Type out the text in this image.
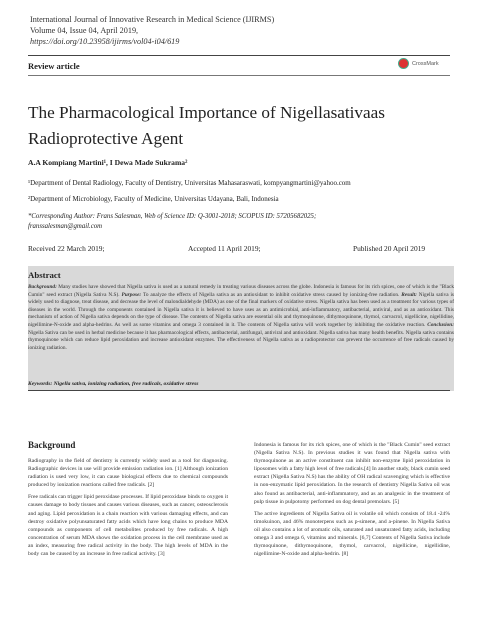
International Journal of Innovative Research in Medical Science (IJIRMS)
Volume 04, Issue 04, April 2019,
https://doi.org/10.23958/ijirms/vol04-i04/619
Review article	CrossMark
The Pharmacological Importance of Nigellasativaas Radioprotective Agent
A.A Kompiang Martini¹, I Dewa Made Sukrama²
¹Department of Dental Radiology, Faculty of Dentistry, Universitas Mahasaraswati, kompyangmartini@yahoo.com
²Department of Microbiology, Faculty of Medicine, Universitas Udayana, Bali, Indonesia
*Corresponding Author: Frans Salesman, Web of Science ID: Q-3001-2018; SCOPUS ID: 57205682025;
franssalesman@gmail.com
Received 22 March 2019;	Accepted 11 April 2019;	Published 20 April 2019
Abstract
Background: Many studies have showed that Nigella sativa is used as a natural remedy in treating various diseases across the globe. Indonesia is famous for its rich spices, one of which is the "Black Cumin" seed extract (Nigella Sativa N.S). Purpose: To analyze the effects of Nigella sativa as an antioxidant to inhibit oxidative stress caused by ionizing-free radiation. Result: Nigella sativa is widely used to diagnose, treat disease, and decrease the level of malondialdehyde (MDA) as one of the final markers of oxidative stress. Nigella sativa has been used as a treatment for various types of diseases in the world. Through the components contained in Nigella sativa it is believed to have uses as an antimicrobial, anti-inflammatory, antibacterial, antiviral, and as an antioxidant. This mechanism of action of Nigella sativa depends on the type of disease. The contents of Nigella sativa are essential oils and thymoquinone, dithymoquinone, thymol, carvacrol, nigellicine, nigellidine, nigellimine-N-oxide and alpha-hedrins. As well as some vitamins and omega 3 contained in it. The contents of Nigella sativa will work together by inhibiting the oxidative reaction. Conclusion: Nigella Sativa can be used in herbal medicine because it has pharmacological effects, antibacterial, antifungal, antiviral and antioxidant. Nigella sativa has many health benefits. Nigella sativa contains thymoquinone which can reduce lipid peroxidation and increase antioxidant enzymes. The effectiveness of Nigella sativa as a radioprotector can prevent the occurrence of free radicals caused by ionizing radiation.
Keywords: Nigella sativa, ionizing radiation, free radicals, oxidative stress
Background

Radiography in the field of dentistry is currently widely used as a tool for diagnosing. Radiographic devices in use will provide emission radiation ion. [1] Although ionization radiation is used very low, it can cause biological effects due to chemical compounds produced by ionization reactions called free radicals. [2]

Free radicals can trigger lipid peroxidase processes. If lipid peroxidase binds to oxygen it causes damage to body tissues and causes various diseases, such as cancer, osteosclerosis and aging. Lipid peroxidation is a chain reaction with various damaging effects, and can destroy oxidative polyunsaturated fatty acids which have long chains to produce MDA compounds as components of cell metabolites produced by free radicals. A high concentration of serum MDA shows the oxidation process in the cell membrane used as an index, measuring free radical activity in the body. The high levels of MDA in the body can be caused by an increase in free radical activity. [3]

Indonesia is famous for its rich spices, one of which is the "Black Cumin" seed extract (Nigella Sativa N.S). In previous studies it was found that Nigella sativa with thymoquinone as an active constituent can inhibit non-enzyme lipid peroxidation in liposomes with a fatty high level of free radicals.[4] In another study, black cumin seed extract (Nigella Sativa N.S) has the ability of OH radical scavenging which is effective in non-enzymatic lipid peroxidation. In the research of dentistry Nigella Sativa oil was also found as antibacterial, anti-inflammatory, and as an analgesic in the treatment of pulp tissue in pulpotomy performed on dog dental premolars. [5]

The active ingredients of Nigella Sativa oil is volatile oil which consists of 18.4 -24% timokuinon, and 46% monoterpens such as p-simene, and a-pinene. In Nigella Sativa oil also contains a lot of aromatic oils, saturated and unsaturated fatty acids, including omega 3 and omega 6, vitamins and minerals. [6,7] Contents of Nigella Sativa include thymoquinone, dithymoquinone, thymol, carvacrol, nigellicine, nigellidine, nigellimine-N-oxide and alpha-hedrin. [8]
